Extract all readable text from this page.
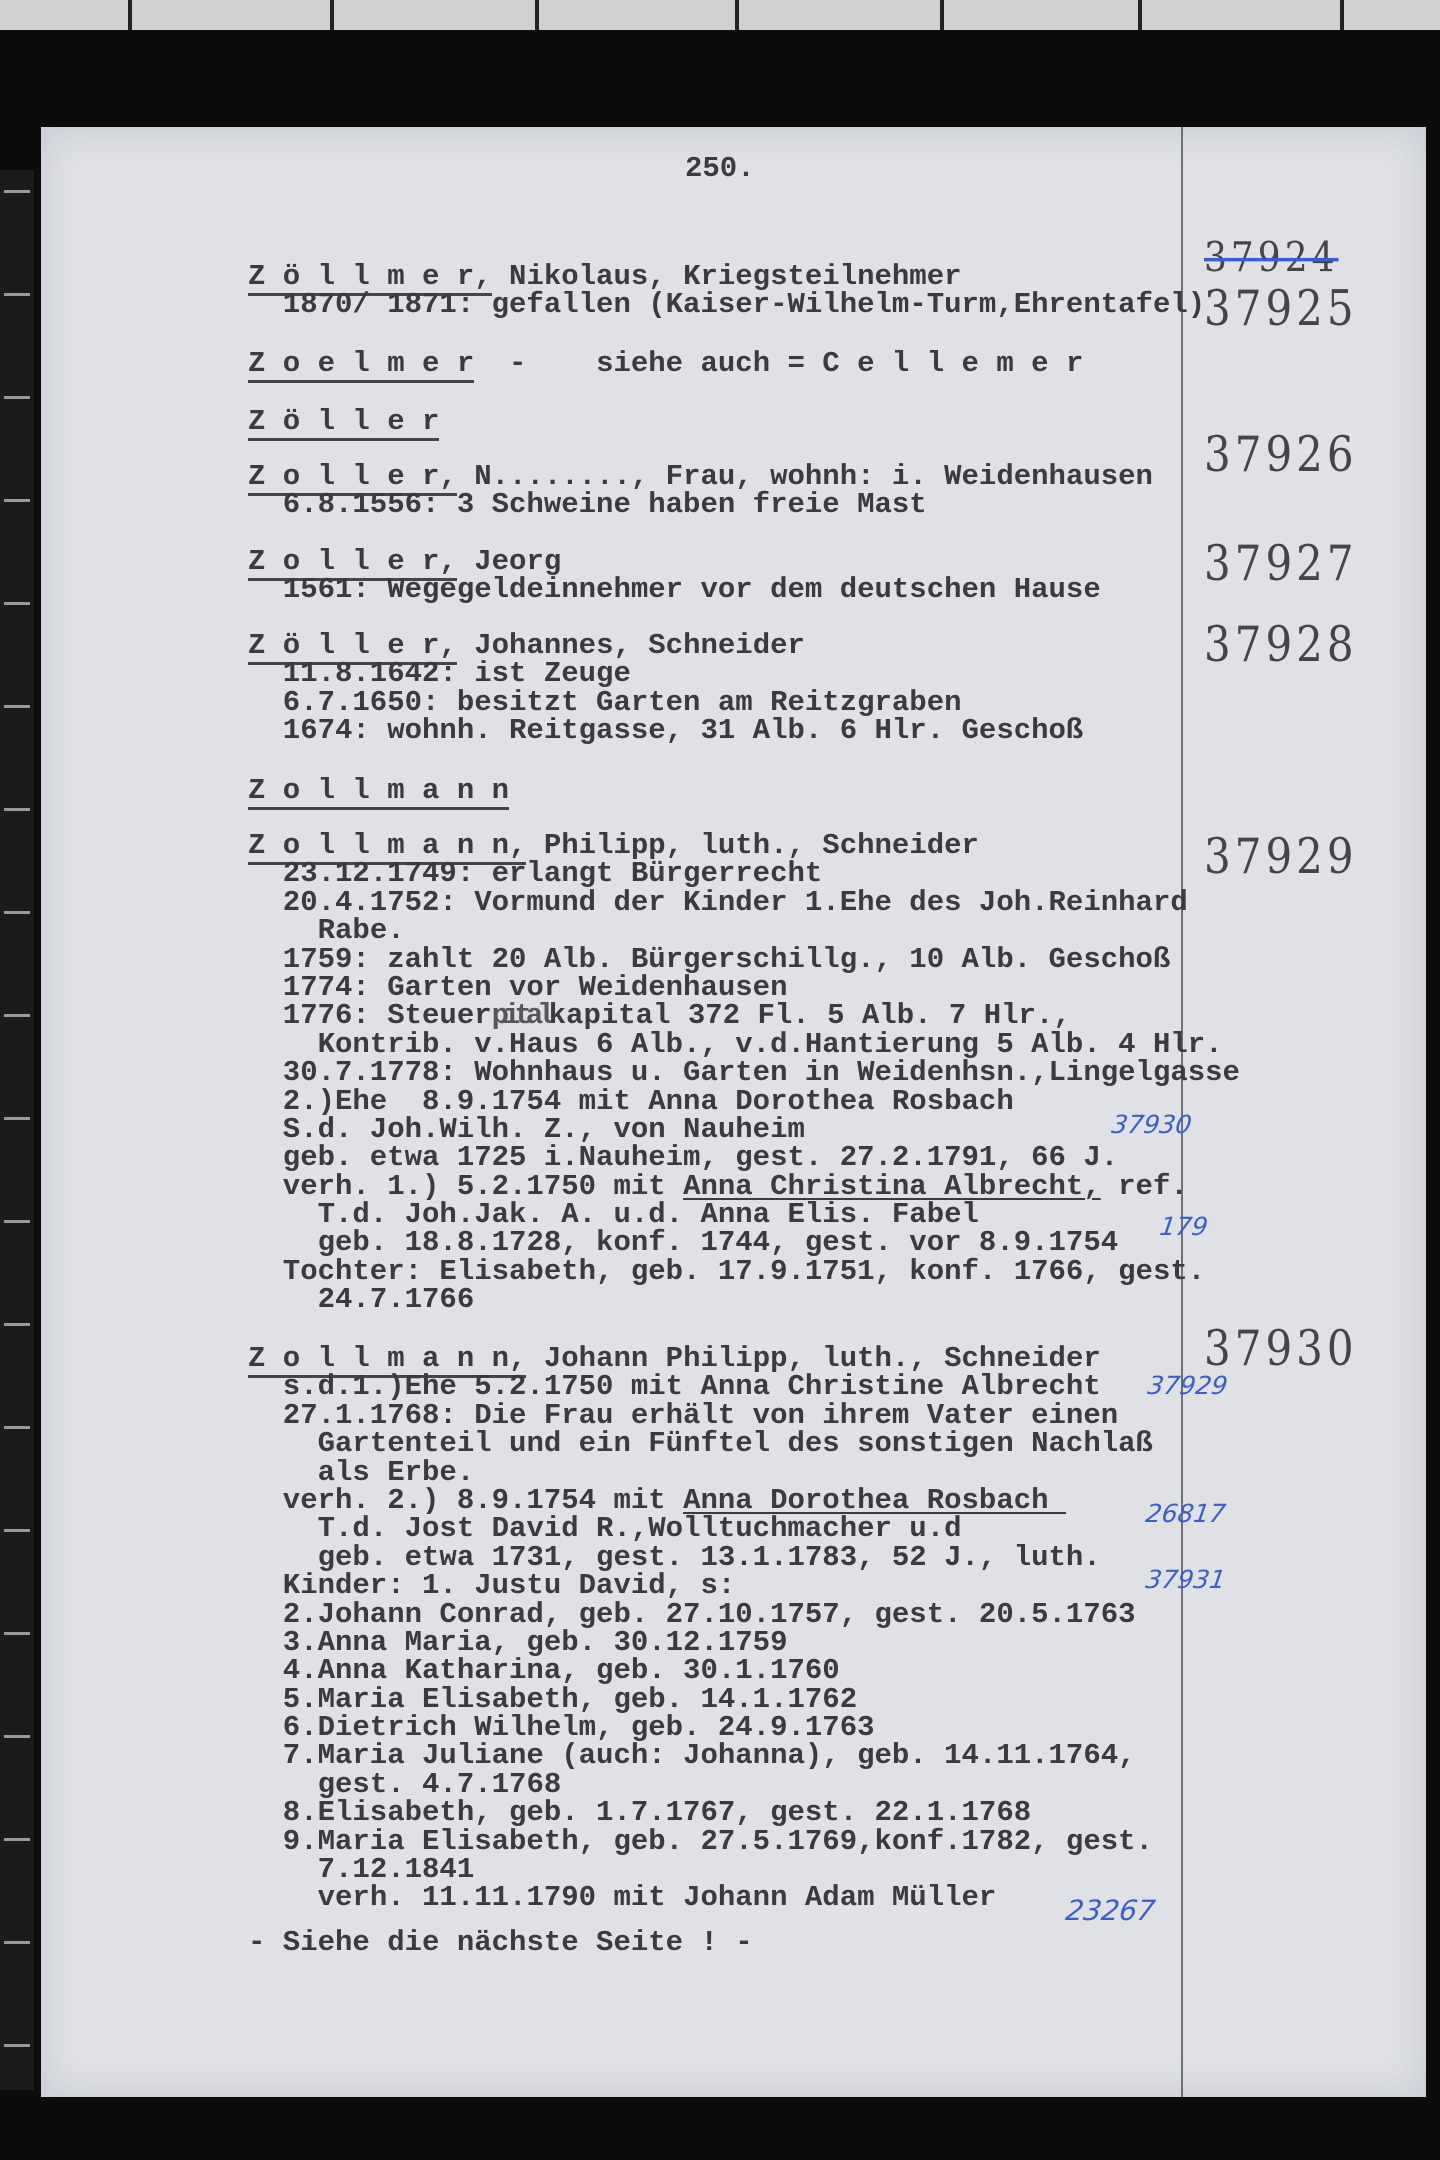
250.
Z ö l l m e r, Nikolaus, Kriegsteilnehmer
1870/ 1871: gefallen (Kaiser-Wilhelm-Turm,Ehrentafel)
Z o e l m e r  -    siehe auch = C e l l e m e r
Z ö l l e r
Z o l l e r, N........, Frau, wohnh: i. Weidenhausen
6.8.1556: 3 Schweine haben freie Mast
Z o l l e r, Jeorg
1561: Wegegeldeinnehmer vor dem deutschen Hause
Z ö l l e r, Johannes, Schneider
11.8.1642: ist Zeuge
6.7.1650: besitzt Garten am Reitzgraben
1674: wohnh. Reitgasse, 31 Alb. 6 Hlr. Geschoß
Z o l l m a n n
Z o l l m a n n, Philipp, luth., Schneider
23.12.1749: erlangt Bürgerrecht
20.4.1752: Vormund der Kinder 1.Ehe des Joh.Reinhard
Rabe.
1759: zahlt 20 Alb. Bürgerschillg., 10 Alb. Geschoß
1774: Garten vor Weidenhausen
1776: Steuerpitalkapital 372 Fl. 5 Alb. 7 Hlr.,
Kontrib. v.Haus 6 Alb., v.d.Hantierung 5 Alb. 4 Hlr.
30.7.1778: Wohnhaus u. Garten in Weidenhsn.,Lingelgasse
2.)Ehe  8.9.1754 mit Anna Dorothea Rosbach
S.d. Joh.Wilh. Z., von Nauheim
geb. etwa 1725 i.Nauheim, gest. 27.2.1791, 66 J.
verh. 1.) 5.2.1750 mit Anna Christina Albrecht, ref.
T.d. Joh.Jak. A. u.d. Anna Elis. Fabel
geb. 18.8.1728, konf. 1744, gest. vor 8.9.1754
Tochter: Elisabeth, geb. 17.9.1751, konf. 1766, gest.
24.7.1766
Z o l l m a n n, Johann Philipp, luth., Schneider
s.d.1.)Ehe 5.2.1750 mit Anna Christine Albrecht
27.1.1768: Die Frau erhält von ihrem Vater einen
Gartenteil und ein Fünftel des sonstigen Nachlaß
als Erbe.
verh. 2.) 8.9.1754 mit Anna Dorothea Rosbach
T.d. Jost David R.,Wolltuchmacher u.d
geb. etwa 1731, gest. 13.1.1783, 52 J., luth.
Kinder: 1. Justu David, s:
2.Johann Conrad, geb. 27.10.1757, gest. 20.5.1763
3.Anna Maria, geb. 30.12.1759
4.Anna Katharina, geb. 30.1.1760
5.Maria Elisabeth, geb. 14.1.1762
6.Dietrich Wilhelm, geb. 24.9.1763
7.Maria Juliane (auch: Johanna), geb. 14.11.1764,
gest. 4.7.1768
8.Elisabeth, geb. 1.7.1767, gest. 22.1.1768
9.Maria Elisabeth, geb. 27.5.1769,konf.1782, gest.
7.12.1841
verh. 11.11.1790 mit Johann Adam Müller
- Siehe die nächste Seite ! -
37924
37925
37926
37927
37928
37929
37930
37930
179
37929
26817
37931
23267
